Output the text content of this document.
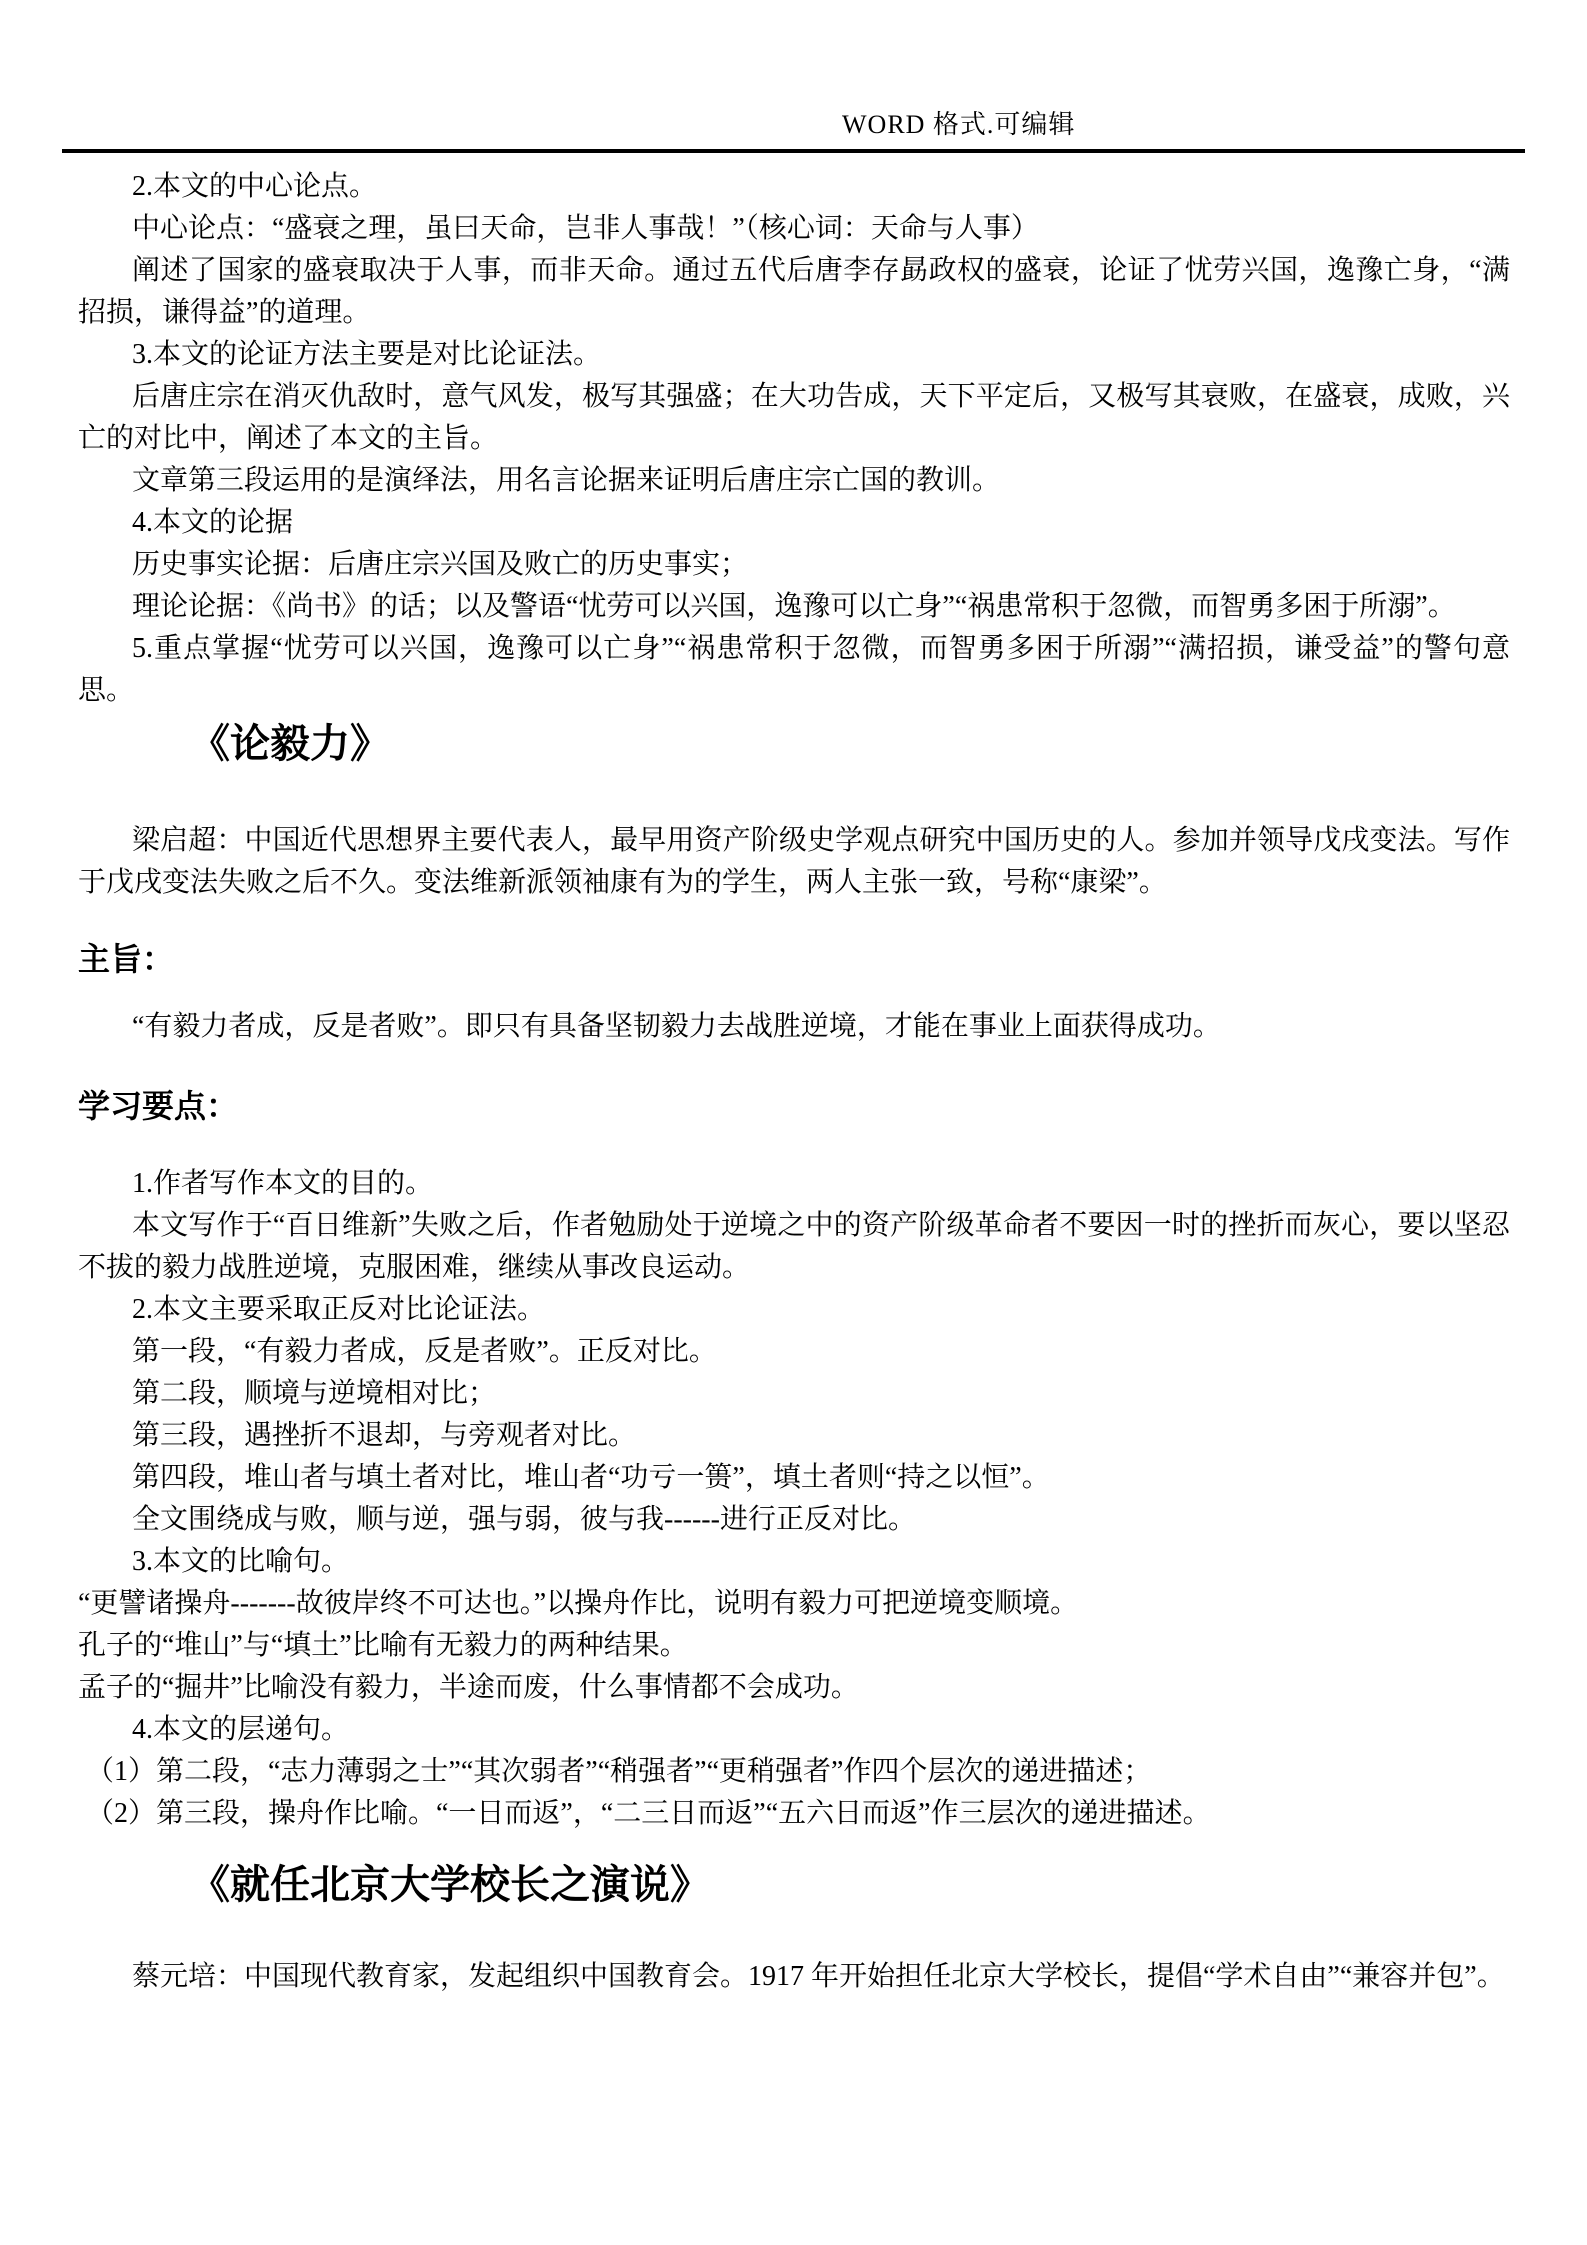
WORD 格式.可编辑

2.本文的中心论点。

中心论点：“盛衰之理，虽曰天命，岂非人事哉！”（核心词：天命与人事）

阐述了国家的盛衰取决于人事，而非天命。通过五代后唐李存勗政权的盛衰，论证了忧劳兴国，逸豫亡身，“满招损，谦得益”的道理。

3.本文的论证方法主要是对比论证法。

后唐庄宗在消灭仇敌时，意气风发，极写其强盛；在大功告成，天下平定后，又极写其衰败，在盛衰，成败，兴亡的对比中，阐述了本文的主旨。

文章第三段运用的是演绎法，用名言论据来证明后唐庄宗亡国的教训。

4.本文的论据

历史事实论据：后唐庄宗兴国及败亡的历史事实；

理论论据：《尚书》的话；以及警语“忧劳可以兴国，逸豫可以亡身”“祸患常积于忽微，而智勇多困于所溺”。

5.重点掌握“忧劳可以兴国，逸豫可以亡身”“祸患常积于忽微，而智勇多困于所溺”“满招损，谦受益”的警句意思。

《论毅力》

梁启超：中国近代思想界主要代表人，最早用资产阶级史学观点研究中国历史的人。参加并领导戊戌变法。写作于戊戌变法失败之后不久。变法维新派领袖康有为的学生，两人主张一致，号称“康梁”。

主旨：

“有毅力者成，反是者败”。即只有具备坚韧毅力去战胜逆境，才能在事业上面获得成功。

学习要点：

1.作者写作本文的目的。

本文写作于“百日维新”失败之后，作者勉励处于逆境之中的资产阶级革命者不要因一时的挫折而灰心，要以坚忍不拔的毅力战胜逆境，克服困难，继续从事改良运动。

2.本文主要采取正反对比论证法。

第一段，“有毅力者成，反是者败”。正反对比。

第二段，顺境与逆境相对比；

第三段，遇挫折不退却，与旁观者对比。

第四段，堆山者与填土者对比，堆山者“功亏一篑”，填土者则“持之以恒”。

全文围绕成与败，顺与逆，强与弱，彼与我------进行正反对比。

3.本文的比喻句。

“更譬诸操舟-------故彼岸终不可达也。”以操舟作比，说明有毅力可把逆境变顺境。

孔子的“堆山”与“填土”比喻有无毅力的两种结果。

孟子的“掘井”比喻没有毅力，半途而废，什么事情都不会成功。

4.本文的层递句。

（1）第二段，“志力薄弱之士”“其次弱者”“稍强者”“更稍强者”作四个层次的递进描述；

（2）第三段，操舟作比喻。“一日而返”，“二三日而返”“五六日而返”作三层次的递进描述。

《就任北京大学校长之演说》

蔡元培：中国现代教育家，发起组织中国教育会。1917 年开始担任北京大学校长，提倡“学术自由”“兼容并包”。
